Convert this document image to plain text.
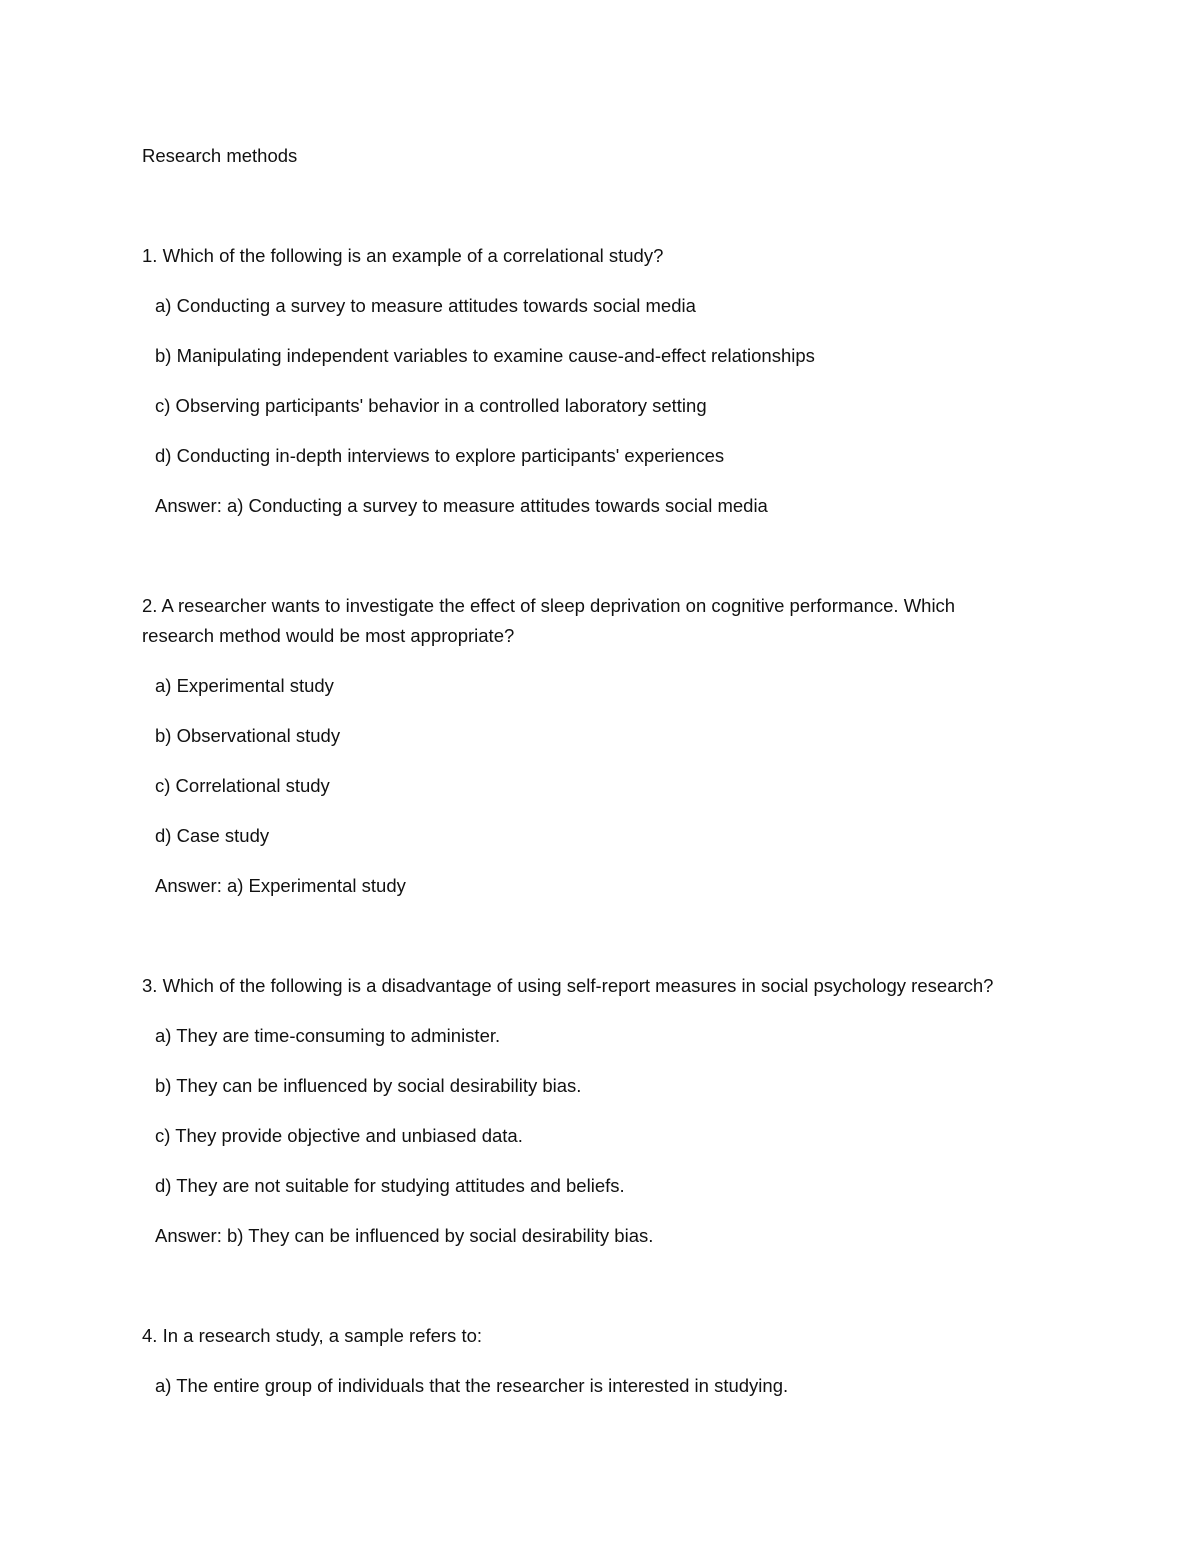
Research methods

1. Which of the following is an example of a correlational study?

a) Conducting a survey to measure attitudes towards social media

b) Manipulating independent variables to examine cause-and-effect relationships

c) Observing participants' behavior in a controlled laboratory setting

d) Conducting in-depth interviews to explore participants' experiences

Answer: a) Conducting a survey to measure attitudes towards social media

2. A researcher wants to investigate the effect of sleep deprivation on cognitive performance. Which

research method would be most appropriate?

a) Experimental study

b) Observational study

c) Correlational study

d) Case study

Answer: a) Experimental study

3. Which of the following is a disadvantage of using self-report measures in social psychology research?

a) They are time-consuming to administer.

b) They can be influenced by social desirability bias.

c) They provide objective and unbiased data.

d) They are not suitable for studying attitudes and beliefs.

Answer: b) They can be influenced by social desirability bias.

4. In a research study, a sample refers to:

a) The entire group of individuals that the researcher is interested in studying.
